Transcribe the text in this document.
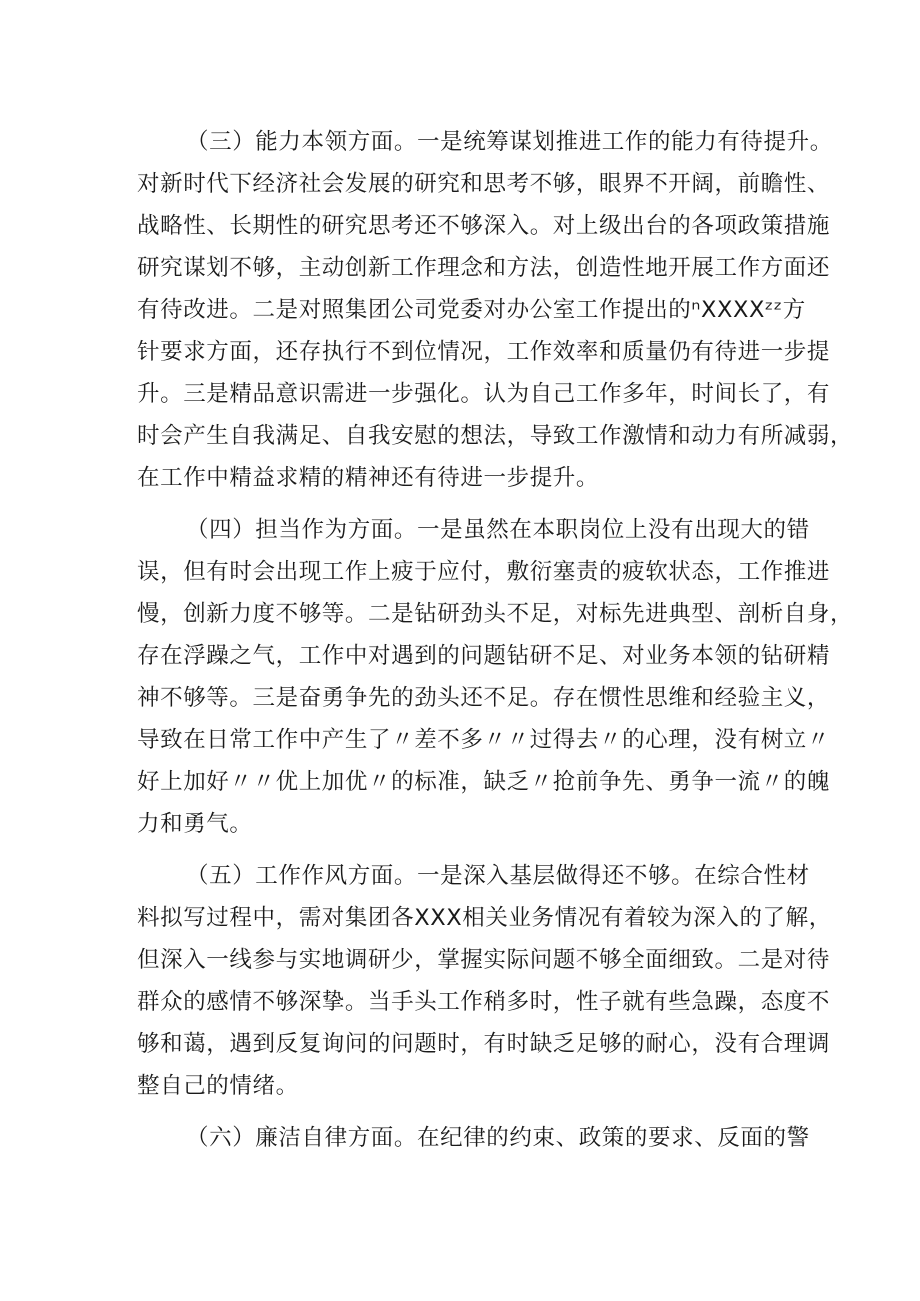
（三）能力本领方面。一是统筹谋划推进工作的能力有待提升。
对新时代下经济社会发展的研究和思考不够，眼界不开阔，前瞻性、
战略性、长期性的研究思考还不够深入。对上级出台的各项政策措施
研究谋划不够，主动创新工作理念和方法，创造性地开展工作方面还
有待改进。二是对照集团公司党委对办公室工作提出的ⁿXXXXᶻᶻ方
针要求方面，还存执行不到位情况，工作效率和质量仍有待进一步提
升。三是精品意识需进一步强化。认为自己工作多年，时间长了，有
时会产生自我满足、自我安慰的想法，导致工作激情和动力有所减弱，
在工作中精益求精的精神还有待进一步提升。
（四）担当作为方面。一是虽然在本职岗位上没有出现大的错
误，但有时会出现工作上疲于应付，敷衍塞责的疲软状态，工作推进
慢，创新力度不够等。二是钻研劲头不足，对标先进典型、剖析自身，
存在浮躁之气，工作中对遇到的问题钻研不足、对业务本领的钻研精
神不够等。三是奋勇争先的劲头还不足。存在惯性思维和经验主义，
导致在日常工作中产生了〃差不多〃〃过得去〃的心理，没有树立〃
好上加好〃〃优上加优〃的标准，缺乏〃抢前争先、勇争一流〃的魄
力和勇气。
（五）工作作风方面。一是深入基层做得还不够。在综合性材
料拟写过程中，需对集团各XXX相关业务情况有着较为深入的了解，
但深入一线参与实地调研少，掌握实际问题不够全面细致。二是对待
群众的感情不够深挚。当手头工作稍多时，性子就有些急躁，态度不
够和蔼，遇到反复询问的问题时，有时缺乏足够的耐心，没有合理调
整自己的情绪。
（六）廉洁自律方面。在纪律的约束、政策的要求、反面的警
